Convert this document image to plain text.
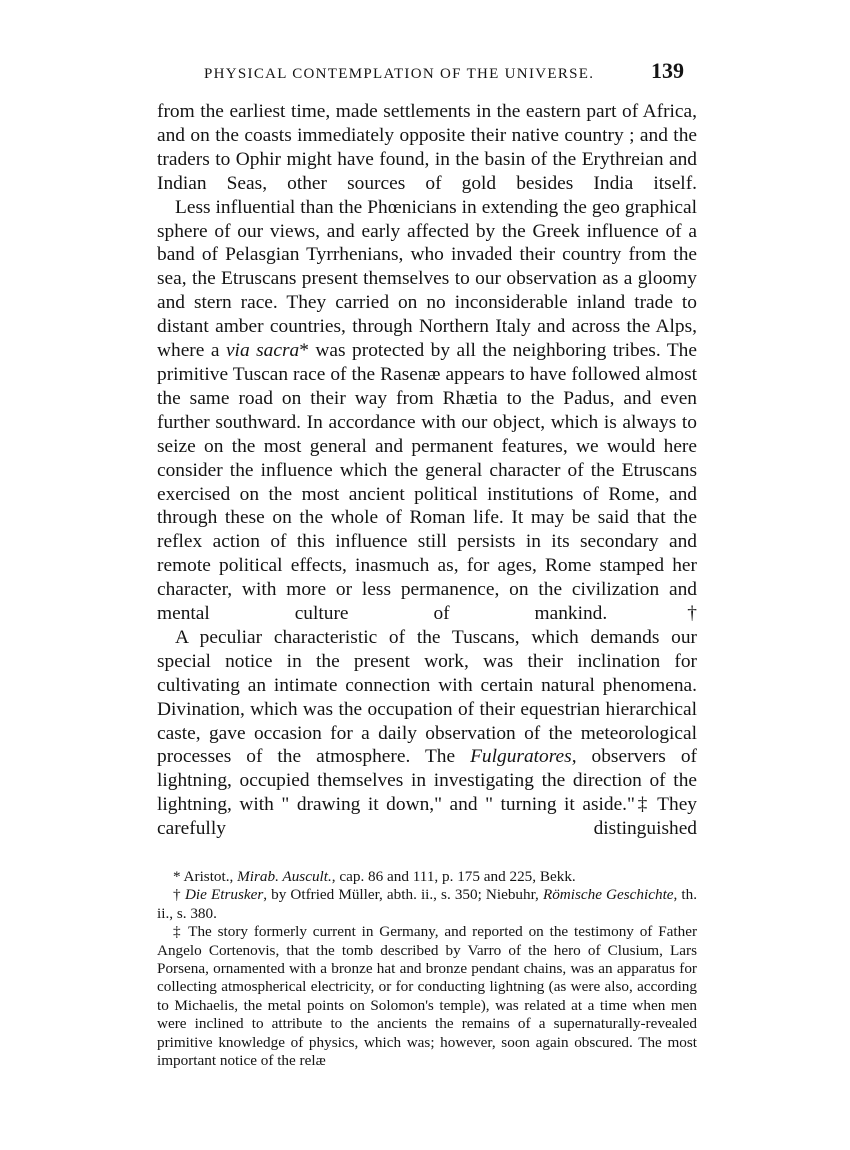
PHYSICAL CONTEMPLATION OF THE UNIVERSE.	139

from the earliest time, made settlements in the eastern part of Africa, and on the coasts immediately opposite their native country ; and the traders to Ophir might have found, in the basin of the Erythreian and Indian Seas, other sources of gold besides India itself.

Less influential than the Phœnicians in extending the geo graphical sphere of our views, and early affected by the Greek influence of a band of Pelasgian Tyrrhenians, who invaded their country from the sea, the Etruscans present themselves to our observation as a gloomy and stern race. They carried on no inconsiderable inland trade to distant amber countries, through Northern Italy and across the Alps, where a via sacra* was protected by all the neighboring tribes. The primitive Tuscan race of the Rasenæ appears to have followed almost the same road on their way from Rhætia to the Padus, and even further southward. In accordance with our object, which is always to seize on the most general and permanent features, we would here consider the influence which the general character of the Etruscans exercised on the most ancient political institutions of Rome, and through these on the whole of Roman life. It may be said that the reflex action of this influence still persists in its secondary and remote political effects, inasmuch as, for ages, Rome stamped her character, with more or less permanence, on the civilization and mental culture of mankind.†

A peculiar characteristic of the Tuscans, which demands our special notice in the present work, was their inclination for cultivating an intimate connection with certain natural phenomena. Divination, which was the occupation of their equestrian hierarchical caste, gave occasion for a daily observation of the meteorological processes of the atmosphere. The Fulguratores, observers of lightning, occupied themselves in investigating the direction of the lightning, with " drawing it down," and " turning it aside."‡ They carefully distinguished

* Aristot., Mirab. Auscult., cap. 86 and 111, p. 175 and 225, Bekk.

† Die Etrusker, by Otfried Müller, abth. ii., s. 350; Niebuhr, Römische Geschichte, th. ii., s. 380.

‡ The story formerly current in Germany, and reported on the testimony of Father Angelo Cortenovis, that the tomb described by Varro of the hero of Clusium, Lars Porsena, ornamented with a bronze hat and bronze pendant chains, was an apparatus for collecting atmospherical electricity, or for conducting lightning (as were also, according to Michaelis, the metal points on Solomon's temple), was related at a time when men were inclined to attribute to the ancients the remains of a supernaturally-revealed primitive knowledge of physics, which was; however, soon again obscured. The most important notice of the relæ
